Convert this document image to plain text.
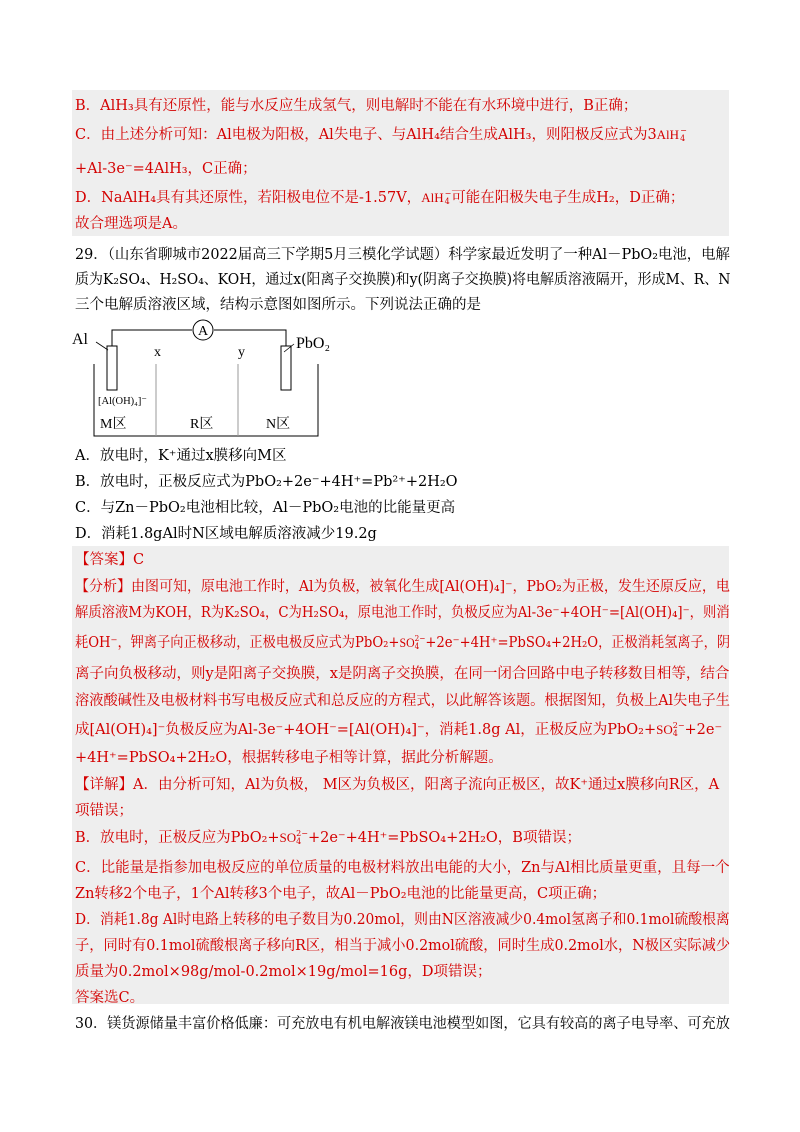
B．AlH₃具有还原性，能与水反应生成氢气，则电解时不能在有水环境中进行，B正确；
C．由上述分析可知：Al电极为阳极，Al失电子、与AlH₄结合生成AlH₃，则阳极反应式为3AlH −
4
+Al-3e⁻=4AlH₃，C正确；
D．NaAlH₄具有其还原性，若阳极电位不是-1.57V，AlH −
4 可能在阳极失电子生成H₂，D正确；
故合理选项是A。
29．（山东省聊城市2022届高三下学期5月三模化学试题）科学家最近发明了一种Al－PbO₂电池，电解
质为K₂SO₄、H₂SO₄、KOH，通过x(阳离子交换膜)和y(阴离子交换膜)将电解质溶液隔开，形成M、R、N
三个电解质溶液区域，结构示意图如图所示。下列说法正确的是
A
Al	PbO₂
x	y
[Al(OH)₄]⁻
M区	R区	N区
A．放电时，K⁺通过x膜移向M区
B．放电时，正极反应式为PbO₂+2e⁻+4H⁺=Pb²⁺+2H₂O
C．与Zn－PbO₂电池相比较，Al－PbO₂电池的比能量更高
D．消耗1.8gAl时N区域电解质溶液减少19.2g
【答案】C
【分析】由图可知，原电池工作时，Al为负极，被氧化生成[Al(OH)₄]⁻，PbO₂为正极，发生还原反应，电
解质溶液M为KOH，R为K₂SO₄，C为H₂SO₄，原电池工作时，负极反应为Al-3e⁻+4OH⁻=[Al(OH)₄]⁻，则消
耗OH⁻，钾离子向正极移动，正极电极反应式为PbO₂+SO 2−
4 +2e⁻+4H⁺=PbSO₄+2H₂O，正极消耗氢离子，阴
离子向负极移动，则y是阳离子交换膜，x是阴离子交换膜，在同一闭合回路中电子转移数目相等，结合
溶液酸碱性及电极材料书写电极反应式和总反应的方程式，以此解答该题。根据图知，负极上Al失电子生
成[Al(OH)₄]⁻负极反应为Al-3e⁻+4OH⁻=[Al(OH)₄]⁻，消耗1.8g Al，正极反应为PbO₂+SO 2−
4 +2e⁻
+4H⁺=PbSO₄+2H₂O，根据转移电子相等计算，据此分析解题。
【详解】A．由分析可知，Al为负极， M区为负极区，阳离子流向正极区，故K⁺通过x膜移向R区，A
项错误；
B．放电时，正极反应为PbO₂+SO 2−
4 +2e⁻+4H⁺=PbSO₄+2H₂O，B项错误；
C．比能量是指参加电极反应的单位质量的电极材料放出电能的大小，Zn与Al相比质量更重，且每一个
Zn转移2个电子，1个Al转移3个电子，故Al－PbO₂电池的比能量更高，C项正确；
D．消耗1.8g Al时电路上转移的电子数目为0.20mol，则由N区溶液减少0.4mol氢离子和0.1mol硫酸根离
子，同时有0.1mol硫酸根离子移向R区，相当于减小0.2mol硫酸，同时生成0.2mol水，N极区实际减少
质量为0.2mol×98g/mol-0.2mol×19g/mol=16g，D项错误；
答案选C。
30．镁货源储量丰富价格低廉：可充放电有机电解液镁电池模型如图，它具有较高的离子电导率、可充放
